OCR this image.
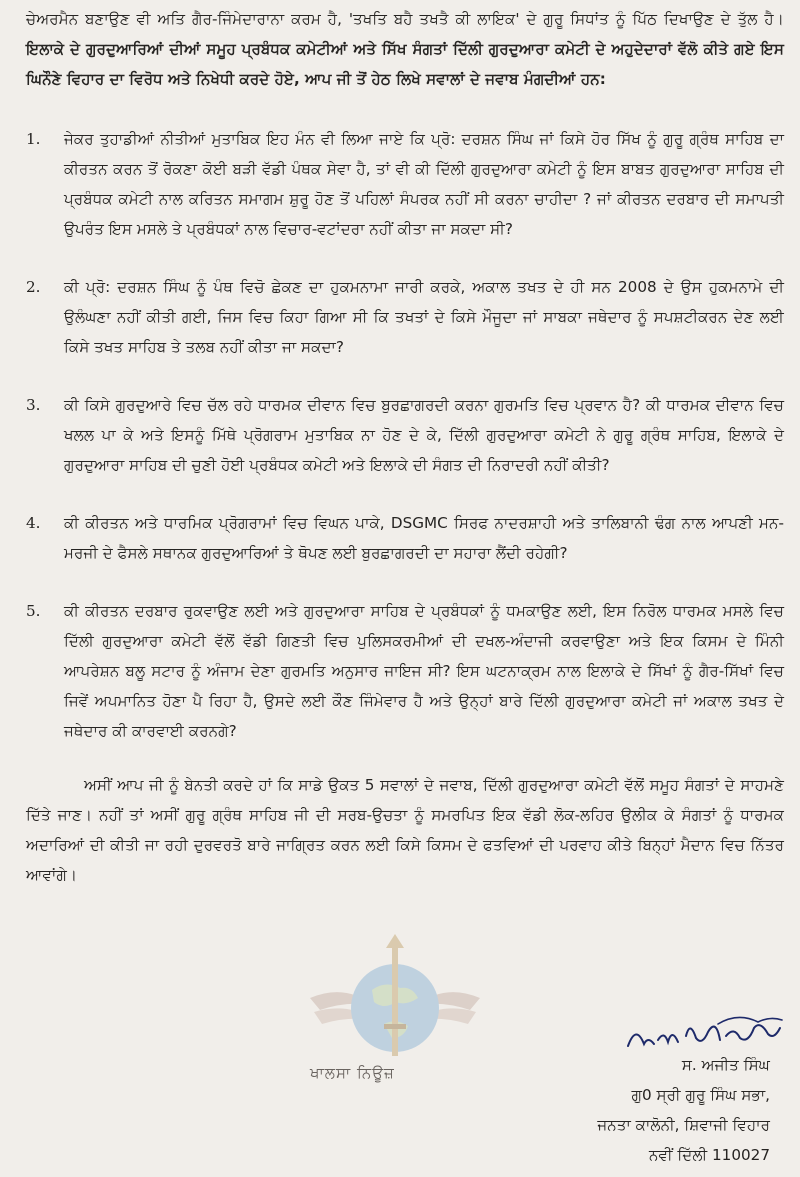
ਚੇਅਰਮੈਨ ਬਣਾਉਣ ਵੀ ਅਤਿ ਗੈਰ-ਜਿੰਮੇਦਾਰਾਨਾ ਕਰਮ ਹੈ, 'ਤਖਤਿ ਬਹੈ ਤਖਤੈ ਕੀ ਲਾਇਕ' ਦੇ ਗੁਰੂ ਸਿਧਾਂਤ ਨੂੰ ਪਿੱਠ ਦਿਖਾਉਣ ਦੇ ਤੁੱਲ ਹੈ। ਇਲਾਕੇ ਦੇ ਗੁਰਦੁਆਰਿਆਂ ਦੀਆਂ ਸਮੂਹ ਪ੍ਰਬੰਧਕ ਕਮੇਟੀਆਂ ਅਤੇ ਸਿੱਖ ਸੰਗਤਾਂ ਦਿੱਲੀ ਗੁਰਦੁਆਰਾ ਕਮੇਟੀ ਦੇ ਅਹੁਦੇਦਾਰਾਂ ਵੱਲੋ ਕੀਤੇ ਗਏ ਇਸ ਘਿਨੌਣੇ ਵਿਹਾਰ ਦਾ ਵਿਰੋਧ ਅਤੇ ਨਿਖੇਧੀ ਕਰਦੇ ਹੋਏ, ਆਪ ਜੀ ਤੋਂ ਹੇਠ ਲਿਖੇ ਸਵਾਲਾਂ ਦੇ ਜਵਾਬ ਮੰਗਦੀਆਂ ਹਨ:

1.	ਜੇਕਰ ਤੁਹਾਡੀਆਂ ਨੀਤੀਆਂ ਮੁਤਾਬਿਕ ਇਹ ਮੰਨ ਵੀ ਲਿਆ ਜਾਏ ਕਿ ਪ੍ਰੋ: ਦਰਸ਼ਨ ਸਿੰਘ ਜਾਂ ਕਿਸੇ ਹੋਰ ਸਿੱਖ ਨੂੰ ਗੁਰੂ ਗ੍ਰੰਥ ਸਾਹਿਬ ਦਾ ਕੀਰਤਨ ਕਰਨ ਤੋਂ ਰੋਕਣਾ ਕੋਈ ਬੜੀ ਵੱਡੀ ਪੰਥਕ ਸੇਵਾ ਹੈ, ਤਾਂ ਵੀ ਕੀ ਦਿੱਲੀ ਗੁਰਦੁਆਰਾ ਕਮੇਟੀ ਨੂੰ ਇਸ ਬਾਬਤ ਗੁਰਦੁਆਰਾ ਸਾਹਿਬ ਦੀ ਪ੍ਰਬੰਧਕ ਕਮੇਟੀ ਨਾਲ ਕਰਿਤਨ ਸਮਾਗਮ ਸ਼ੁਰੂ ਹੋਣ ਤੋਂ ਪਹਿਲਾਂ ਸੰਪਰਕ ਨਹੀਂ ਸੀ ਕਰਨਾ ਚਾਹੀਦਾ ? ਜਾਂ ਕੀਰਤਨ ਦਰਬਾਰ ਦੀ ਸਮਾਪਤੀ ਉਪਰੰਤ ਇਸ ਮਸਲੇ ਤੇ ਪ੍ਰਬੰਧਕਾਂ ਨਾਲ ਵਿਚਾਰ-ਵਟਾਂਦਰਾ ਨਹੀਂ ਕੀਤਾ ਜਾ ਸਕਦਾ ਸੀ?
2.	ਕੀ ਪ੍ਰੋ: ਦਰਸ਼ਨ ਸਿੰਘ ਨੂੰ ਪੰਥ ਵਿਚੋ ਛੇਕਣ ਦਾ ਹੁਕਮਨਾਮਾ ਜਾਰੀ ਕਰਕੇ, ਅਕਾਲ ਤਖਤ ਦੇ ਹੀ ਸਨ 2008 ਦੇ ਉਸ ਹੁਕਮਨਾਮੇ ਦੀ ਉਲੰਘਣਾ ਨਹੀਂ ਕੀਤੀ ਗਈ, ਜਿਸ ਵਿਚ ਕਿਹਾ ਗਿਆ ਸੀ ਕਿ ਤਖਤਾਂ ਦੇ ਕਿਸੇ ਮੌਜੂਦਾ ਜਾਂ ਸਾਬਕਾ ਜਥੇਦਾਰ ਨੂੰ ਸਪਸ਼ਟੀਕਰਨ ਦੇਣ ਲਈ ਕਿਸੇ ਤਖਤ ਸਾਹਿਬ ਤੇ ਤਲਬ ਨਹੀਂ ਕੀਤਾ ਜਾ ਸਕਦਾ?
3.	ਕੀ ਕਿਸੇ ਗੁਰਦੁਆਰੇ ਵਿਚ ਚੱਲ ਰਹੇ ਧਾਰਮਕ ਦੀਵਾਨ ਵਿਚ ਬੁਰਛਾਗਰਦੀ ਕਰਨਾ ਗੁਰਮਤਿ ਵਿਚ ਪ੍ਰਵਾਨ ਹੈ? ਕੀ ਧਾਰਮਕ ਦੀਵਾਨ ਵਿਚ ਖਲਲ ਪਾ ਕੇ ਅਤੇ ਇਸਨੂੰ ਮਿੱਥੇ ਪ੍ਰੋਗਰਾਮ ਮੁਤਾਬਿਕ ਨਾ ਹੋਣ ਦੇ ਕੇ, ਦਿੱਲੀ ਗੁਰਦੁਆਰਾ ਕਮੇਟੀ ਨੇ ਗੁਰੂ ਗ੍ਰੰਥ ਸਾਹਿਬ, ਇਲਾਕੇ ਦੇ ਗੁਰਦੁਆਰਾ ਸਾਹਿਬ ਦੀ ਚੁਣੀ ਹੋਈ ਪ੍ਰਬੰਧਕ ਕਮੇਟੀ ਅਤੇ ਇਲਾਕੇ ਦੀ ਸੰਗਤ ਦੀ ਨਿਰਾਦਰੀ ਨਹੀਂ ਕੀਤੀ?
4.	ਕੀ ਕੀਰਤਨ ਅਤੇ ਧਾਰਮਿਕ ਪ੍ਰੋਗਰਾਮਾਂ ਵਿਚ ਵਿਘਨ ਪਾਕੇ, DSGMC ਸਿਰਫ ਨਾਦਰਸ਼ਾਹੀ ਅਤੇ ਤਾਲਿਬਾਨੀ ਢੰਗ ਨਾਲ ਆਪਣੀ ਮਨ-ਮਰਜੀ ਦੇ ਫੈਸਲੇ ਸਥਾਨਕ ਗੁਰਦੁਆਰਿਆਂ ਤੇ ਥੋਪਣ ਲਈ ਬੁਰਛਾਗਰਦੀ ਦਾ ਸਹਾਰਾ ਲੈਂਦੀ ਰਹੇਗੀ?
5.	ਕੀ ਕੀਰਤਨ ਦਰਬਾਰ ਰੁਕਵਾਉਣ ਲਈ ਅਤੇ ਗੁਰਦੁਆਰਾ ਸਾਹਿਬ ਦੇ ਪ੍ਰਬੰਧਕਾਂ ਨੂੰ ਧਮਕਾਉਣ ਲਈ, ਇਸ ਨਿਰੋਲ ਧਾਰਮਕ ਮਸਲੇ ਵਿਚ ਦਿੱਲੀ ਗੁਰਦੁਆਰਾ ਕਮੇਟੀ ਵੱਲੋਂ ਵੱਡੀ ਗਿਣਤੀ ਵਿਚ ਪੁਲਿਸਕਰਮੀਆਂ ਦੀ ਦਖਲ-ਅੰਦਾਜੀ ਕਰਵਾਉਣਾ ਅਤੇ ਇਕ ਕਿਸਮ ਦੇ ਮਿੰਨੀ ਆਪਰੇਸ਼ਨ ਬਲੂ ਸਟਾਰ ਨੂੰ ਅੰਜਾਮ ਦੇਣਾ ਗੁਰਮਤਿ ਅਨੁਸਾਰ ਜਾਇਜ ਸੀ? ਇਸ ਘਟਨਾਕ੍ਰਮ ਨਾਲ ਇਲਾਕੇ ਦੇ ਸਿੱਖਾਂ ਨੂੰ ਗੈਰ-ਸਿੱਖਾਂ ਵਿਚ ਜਿਵੇਂ ਅਪਮਾਨਿਤ ਹੋਣਾ ਪੈ ਰਿਹਾ ਹੈ, ਉਸਦੇ ਲਈ ਕੌਣ ਜਿੰਮੇਵਾਰ ਹੈ ਅਤੇ ਉਨ੍ਹਾਂ ਬਾਰੇ ਦਿੱਲੀ ਗੁਰਦੁਆਰਾ ਕਮੇਟੀ ਜਾਂ ਅਕਾਲ ਤਖਤ ਦੇ ਜਥੇਦਾਰ ਕੀ ਕਾਰਵਾਈ ਕਰਨਗੇ?

ਅਸੀਂ ਆਪ ਜੀ ਨੂੰ ਬੇਨਤੀ ਕਰਦੇ ਹਾਂ ਕਿ ਸਾਡੇ ਉਕਤ 5 ਸਵਾਲਾਂ ਦੇ ਜਵਾਬ, ਦਿੱਲੀ ਗੁਰਦੁਆਰਾ ਕਮੇਟੀ ਵੱਲੋਂ ਸਮੂਹ ਸੰਗਤਾਂ ਦੇ ਸਾਹਮਣੇ ਦਿੱਤੇ ਜਾਣ। ਨਹੀਂ ਤਾਂ ਅਸੀਂ ਗੁਰੂ ਗ੍ਰੰਥ ਸਾਹਿਬ ਜੀ ਦੀ ਸਰਬ-ਉਚਤਾ ਨੂੰ ਸਮਰਪਿਤ ਇਕ ਵੱਡੀ ਲੋਕ-ਲਹਿਰ ਉਲੀਕ ਕੇ ਸੰਗਤਾਂ ਨੂੰ ਧਾਰਮਕ ਅਦਾਰਿਆਂ ਦੀ ਕੀਤੀ ਜਾ ਰਹੀ ਦੁਰਵਰਤੋ ਬਾਰੇ ਜਾਗ੍ਰਿਤ ਕਰਨ ਲਈ ਕਿਸੇ ਕਿਸਮ ਦੇ ਫਤਵਿਆਂ ਦੀ ਪਰਵਾਹ ਕੀਤੇ ਬਿਨ੍ਹਾਂ ਮੈਦਾਨ ਵਿਚ ਨਿੱਤਰ ਆਵਾਂਗੇ।

ਖਾਲਸਾ ਨਿਊਜ਼	ਸ. ਅਜੀਤ ਸਿੰਘ
ਗੁ0 ਸ੍ਰੀ ਗੁਰੂ ਸਿੰਘ ਸਭਾ,
ਜਨਤਾ ਕਾਲੋਨੀ, ਸ਼ਿਵਾਜੀ ਵਿਹਾਰ
ਨਵੀਂ ਦਿੱਲੀ 110027
